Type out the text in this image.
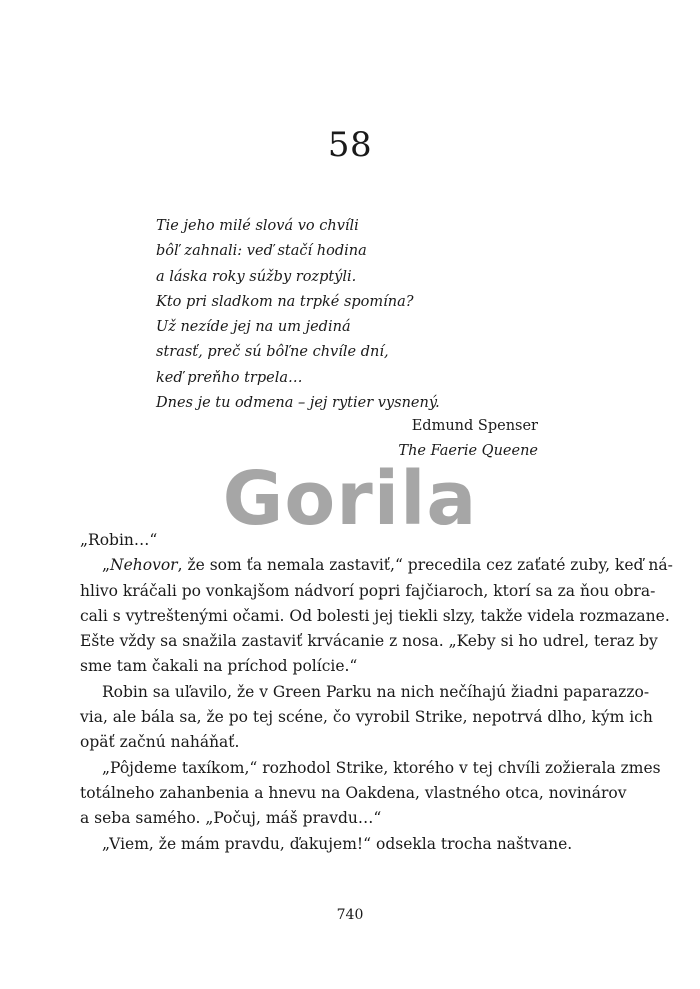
58
Tie jeho milé slová vo chvíli
bôľ zahnali: veď stačí hodina
a láska roky súžby rozptýli.
Kto pri sladkom na trpké spomína?
Už nezíde jej na um jediná
strasť, preč sú bôľne chvíle dní,
keď preňho trpela…
Dnes je tu odmena – jej rytier vysnený.
Edmund Spenser
The Faerie Queene
Gorila
„Robin…“
„Nehovor, že som ťa nemala zastaviť,“ precedila cez zaťaté zuby, keď ná-
hlivo kráčali po vonkajšom nádvorí popri fajčiaroch, ktorí sa za ňou obra-
cali s vytreštenými očami. Od bolesti jej tiekli slzy, takže videla rozmazane.
Ešte vždy sa snažila zastaviť krvácanie z nosa. „Keby si ho udrel, teraz by
sme tam čakali na príchod polície.“
Robin sa uľavilo, že v Green Parku na nich nečíhajú žiadni paparazzo-
via, ale bála sa, že po tej scéne, čo vyrobil Strike, nepotrvá dlho, kým ich
opäť začnú naháňať.
„Pôjdeme taxíkom,“ rozhodol Strike, ktorého v tej chvíli zožierala zmes
totálneho zahanbenia a hnevu na Oakdena, vlastného otca, novinárov
a seba samého. „Počuj, máš pravdu…“
„Viem, že mám pravdu, ďakujem!“ odsekla trocha naštvane.
740
